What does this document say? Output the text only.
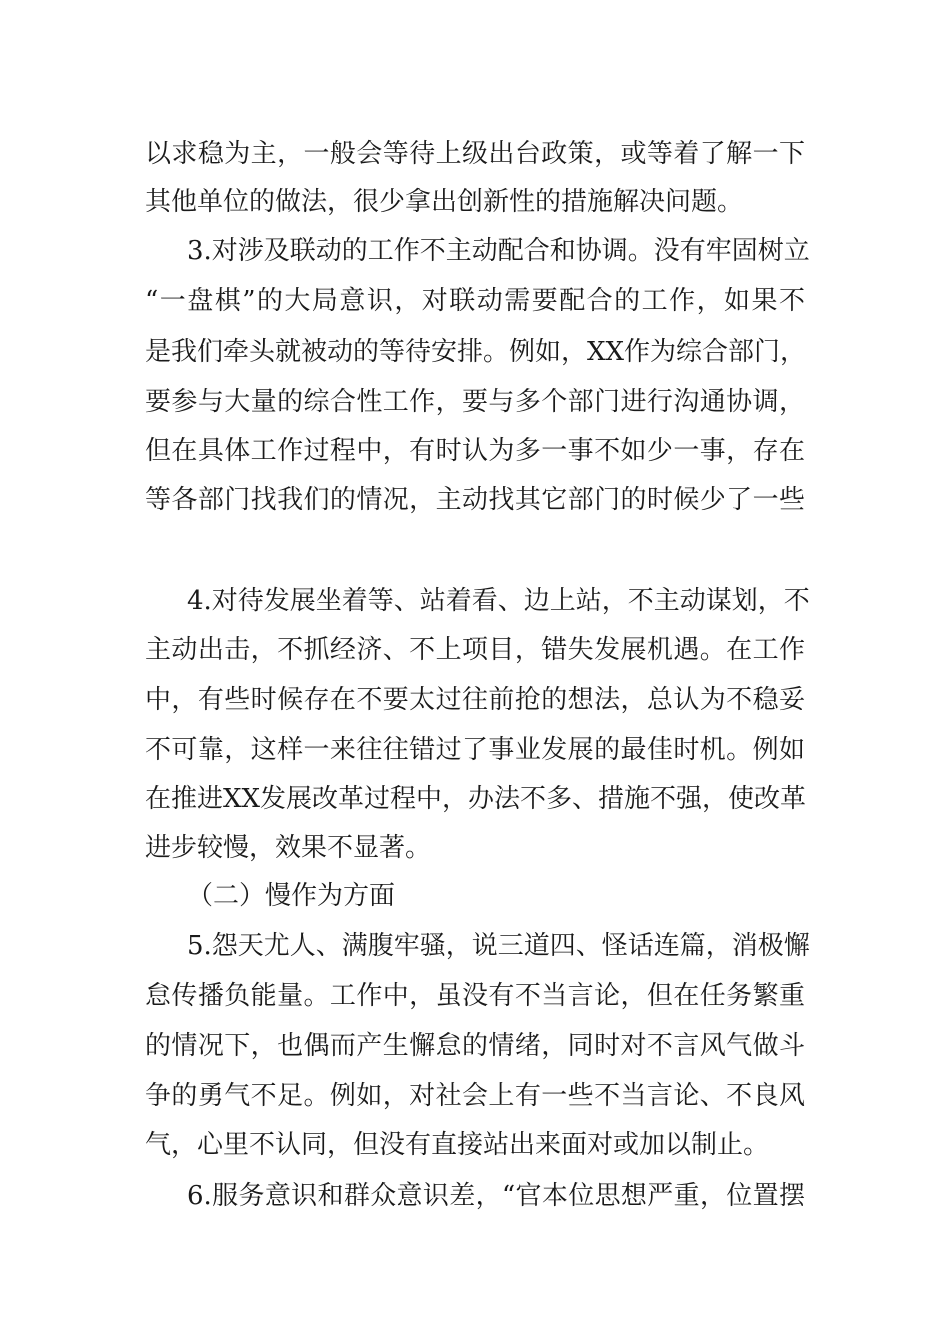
以求稳为主，一般会等待上级出台政策，或等着了解一下
其他单位的做法，很少拿出创新性的措施解决问题。
3.对涉及联动的工作不主动配合和协调。没有牢固树立
“一盘棋”的大局意识，对联动需要配合的工作，如果不
是我们牵头就被动的等待安排。例如，XX作为综合部门，
要参与大量的综合性工作，要与多个部门进行沟通协调，
但在具体工作过程中，有时认为多一事不如少一事，存在
等各部门找我们的情况，主动找其它部门的时候少了一些
4.对待发展坐着等、站着看、边上站，不主动谋划，不
主动出击，不抓经济、不上项目，错失发展机遇。在工作
中，有些时候存在不要太过往前抢的想法，总认为不稳妥
不可靠，这样一来往往错过了事业发展的最佳时机。例如
在推进XX发展改革过程中，办法不多、措施不强，使改革
进步较慢，效果不显著。
（二）慢作为方面
5.怨天尤人、满腹牢骚，说三道四、怪话连篇，消极懈
怠传播负能量。工作中，虽没有不当言论，但在任务繁重
的情况下，也偶而产生懈怠的情绪，同时对不言风气做斗
争的勇气不足。例如，对社会上有一些不当言论、不良风
气，心里不认同，但没有直接站出来面对或加以制止。
6.服务意识和群众意识差，“官本位思想严重，位置摆
